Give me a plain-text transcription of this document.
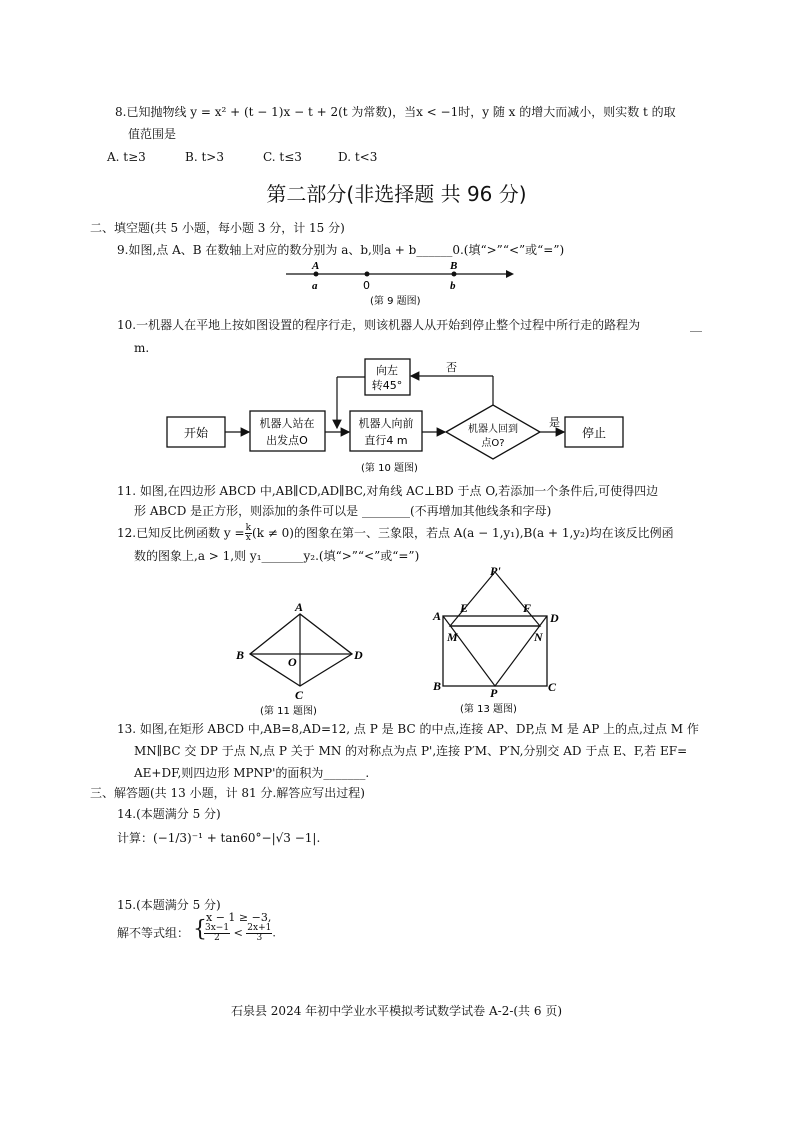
8.已知抛物线 y = x² + (t − 1)x − t + 2(t 为常数)，当x < −1时，y 随 x 的增大而减小，则实数 t 的取
值范围是
A. t≥3	B. t>3	C. t≤3	D. t<3
第二部分(非选择题 共 96 分)
二、填空题(共 5 小题，每小题 3 分，计 15 分)
9.如图,点 A、B 在数轴上对应的数分别为 a、b,则a + b______0.(填“>”“<”或“=”)
A
a	0
B
b
(第 9 题图)
10.一机器人在平地上按如图设置的程序行走，则该机器人从开始到停止整个过程中所行走的路程为	__
m.
开始
机器人站在
出发点O
机器人向前
直行4 m
机器人回到
点O?
是
停止
否
向左
转45°
(第 10 题图)
11. 如图,在四边形 ABCD 中,AB∥CD,AD∥BC,对角线 AC⊥BD 于点 O,若添加一个条件后,可使得四边
形 ABCD 是正方形，则添加的条件可以是 ________(不再增加其他线条和字母)
12.已知反比例函数 $y = \frac{k}{x} (k \ne 0)$的图象在第一、三象限，若点 A(a − 1,y₁),B(a + 1,y₂)均在该反比例函
数的图象上,a > 1,则 y₁_______y₂.(填“>”“<”或“=”)
A
B
C
D
O
(第 11 题图)
P'
E	F
A	D
M	N
B	P	C
(第 13 题图)
13. 如图,在矩形 ABCD 中,AB=8,AD=12, 点 P 是 BC 的中点,连接 AP、DP,点 M 是 AP 上的点,过点 M 作
MN∥BC 交 DP 于点 N,点 P 关于 MN 的对称点为点 P',连接 P′M、P′N,分别交 AD 于点 E、F,若 EF=
AE+DF,则四边形 MPNP'的面积为_______.
三、解答题(共 13 小题，计 81 分.解答应写出过程)
14.(本题满分 5 分)
计算：(−1/3)⁻¹ + tan60°−|√3 −1|.
15.(本题满分 5 分)
解不等式组： { x − 1 ≥ −3,
$\frac{3x-1}{2} < \frac{2x+1}{3}$ .
石泉县 2024 年初中学业水平模拟考试数学试卷 A-2-(共 6 页)
